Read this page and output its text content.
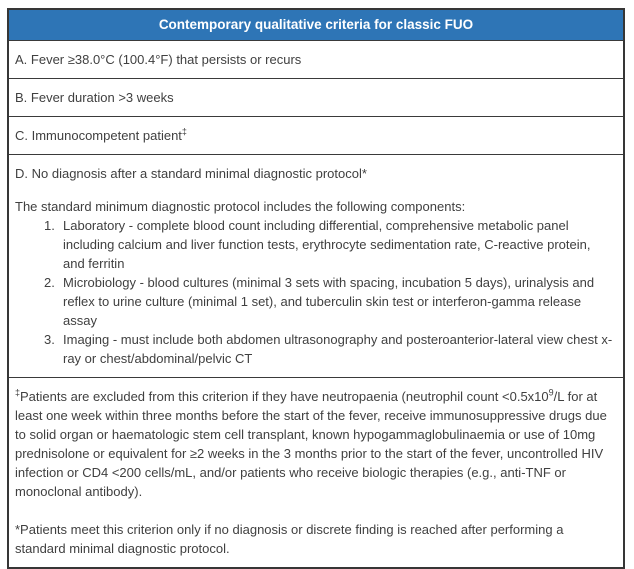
Contemporary qualitative criteria for classic FUO

A. Fever ≥38.0°C (100.4°F) that persists or recurs

B. Fever duration >3 weeks

C. Immunocompetent patient‡

D. No diagnosis after a standard minimal diagnostic protocol*

The standard minimum diagnostic protocol includes the following components:

1. Laboratory - complete blood count including differential, comprehensive metabolic panel including calcium and liver function tests, erythrocyte sedimentation rate, C-reactive protein, and ferritin
2. Microbiology - blood cultures (minimal 3 sets with spacing, incubation 5 days), urinalysis and reflex to urine culture (minimal 1 set), and tuberculin skin test or interferon-gamma release assay
3. Imaging - must include both abdomen ultrasonography and posteroanterior-lateral view chest x-ray or chest/abdominal/pelvic CT

‡Patients are excluded from this criterion if they have neutropaenia (neutrophil count $<0.5x10^9/L$ for at least one week within three months before the start of the fever, receive immunosuppressive drugs due to solid organ or haematologic stem cell transplant, known hypogammaglobulinaemia or use of 10mg prednisolone or equivalent for ≥2 weeks in the 3 months prior to the start of the fever, uncontrolled HIV infection or CD4 <200 cells/mL, and/or patients who receive biologic therapies (e.g., anti-TNF or monoclonal antibody).

*Patients meet this criterion only if no diagnosis or discrete finding is reached after performing a standard minimal diagnostic protocol.
